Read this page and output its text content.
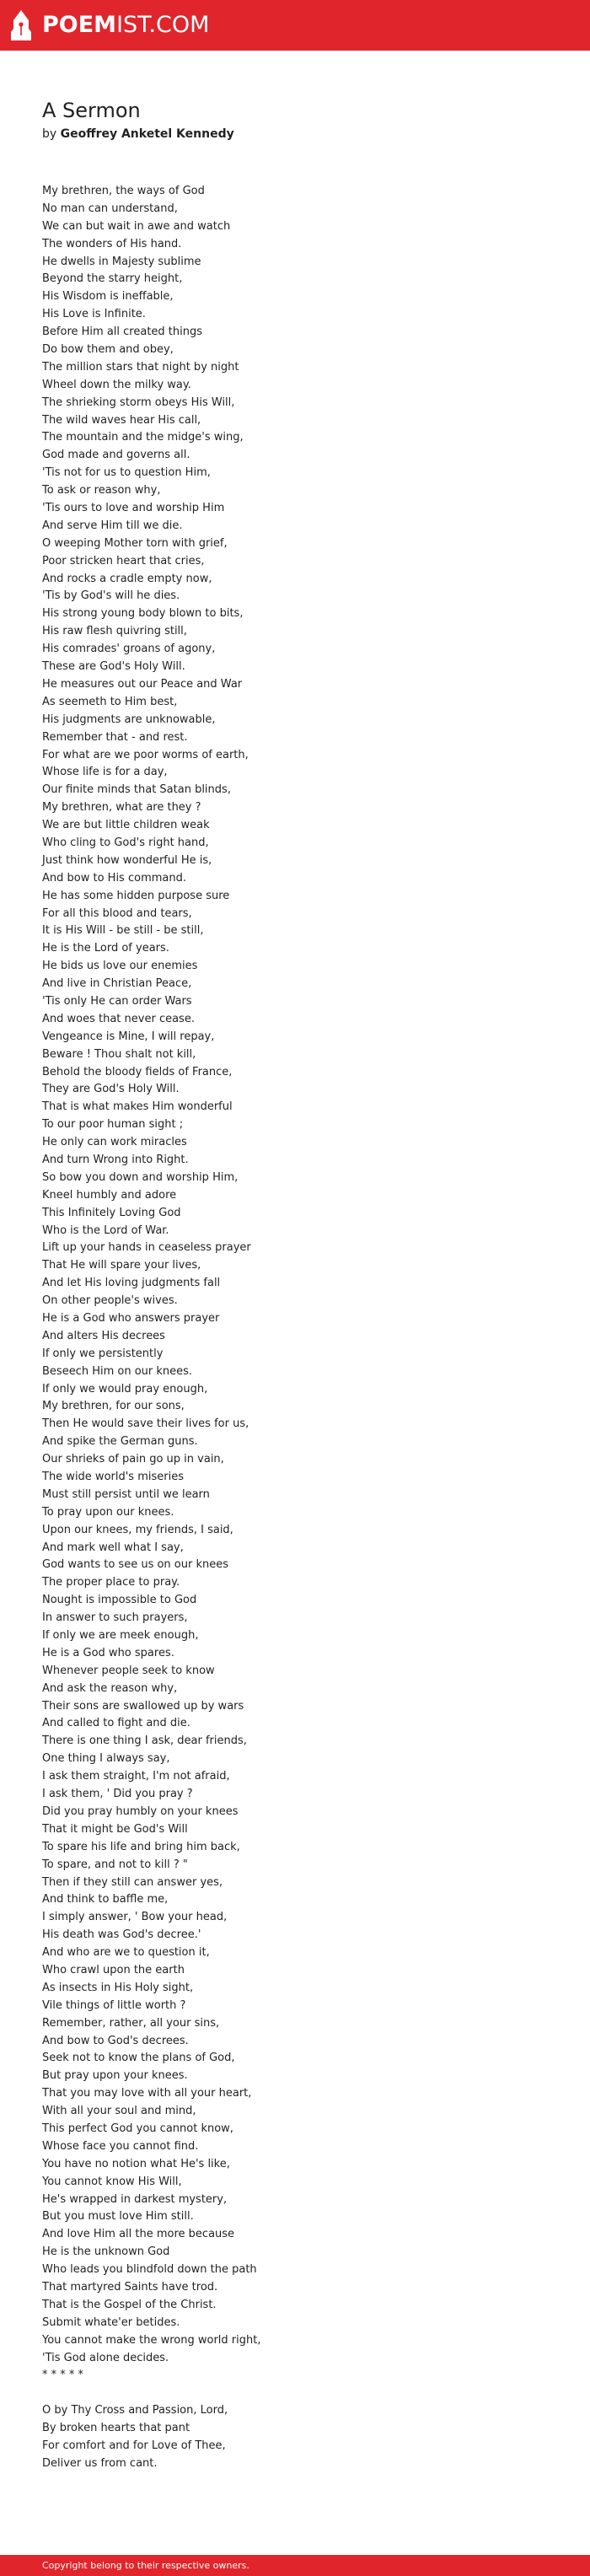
POEMIST.COM
A Sermon
by Geoffrey Anketel Kennedy
My brethren, the ways of God
No man can understand,
We can but wait in awe and watch
The wonders of His hand.
He dwells in Majesty sublime
Beyond the starry height,
His Wisdom is ineffable,
His Love is Infinite.
Before Him all created things
Do bow them and obey,
The million stars that night by night
Wheel down the milky way.
The shrieking storm obeys His Will,
The wild waves hear His call,
The mountain and the midge's wing,
God made and governs all.
'Tis not for us to question Him,
To ask or reason why,
'Tis ours to love and worship Him
And serve Him till we die.
O weeping Mother torn with grief,
Poor stricken heart that cries,
And rocks a cradle empty now,
'Tis by God's will he dies.
His strong young body blown to bits,
His raw flesh quivring still,
His comrades' groans of agony,
These are God's Holy Will.
He measures out our Peace and War
As seemeth to Him best,
His judgments are unknowable,
Remember that - and rest.
For what are we poor worms of earth,
Whose life is for a day,
Our finite minds that Satan blinds,
My brethren, what are they ?
We are but little children weak
Who cling to God's right hand,
Just think how wonderful He is,
And bow to His command.
He has some hidden purpose sure
For all this blood and tears,
It is His Will - be still - be still,
He is the Lord of years.
He bids us love our enemies
And live in Christian Peace,
'Tis only He can order Wars
And woes that never cease.
Vengeance is Mine, I will repay,
Beware ! Thou shalt not kill,
Behold the bloody fields of France,
They are God's Holy Will.
That is what makes Him wonderful
To our poor human sight ;
He only can work miracles
And turn Wrong into Right.
So bow you down and worship Him,
Kneel humbly and adore
This Infinitely Loving God
Who is the Lord of War.
Lift up your hands in ceaseless prayer
That He will spare your lives,
And let His loving judgments fall
On other people's wives.
He is a God who answers prayer
And alters His decrees
If only we persistently
Beseech Him on our knees.
If only we would pray enough,
My brethren, for our sons,
Then He would save their lives for us,
And spike the German guns.
Our shrieks of pain go up in vain,
The wide world's miseries
Must still persist until we learn
To pray upon our knees.
Upon our knees, my friends, I said,
And mark well what I say,
God wants to see us on our knees
The proper place to pray.
Nought is impossible to God
In answer to such prayers,
If only we are meek enough,
He is a God who spares.
Whenever people seek to know
And ask the reason why,
Their sons are swallowed up by wars
And called to fight and die.
There is one thing I ask, dear friends,
One thing I always say,
I ask them straight, I'm not afraid,
I ask them, ' Did you pray ?
Did you pray humbly on your knees
That it might be God's Will
To spare his life and bring him back,
To spare, and not to kill ? "
Then if they still can answer yes,
And think to baffle me,
I simply answer, ' Bow your head,
His death was God's decree.'
And who are we to question it,
Who crawl upon the earth
As insects in His Holy sight,
Vile things of little worth ?
Remember, rather, all your sins,
And bow to God's decrees.
Seek not to know the plans of God,
But pray upon your knees.
That you may love with all your heart,
With all your soul and mind,
This perfect God you cannot know,
Whose face you cannot find.
You have no notion what He's like,
You cannot know His Will,
He's wrapped in darkest mystery,
But you must love Him still.
And love Him all the more because
He is the unknown God
Who leads you blindfold down the path
That martyred Saints have trod.
That is the Gospel of the Christ.
Submit whate'er betides.
You cannot make the wrong world right,
'Tis God alone decides.
* * * * *
O by Thy Cross and Passion, Lord,
By broken hearts that pant
For comfort and for Love of Thee,
Deliver us from cant.
Copyright belong to their respective owners.
